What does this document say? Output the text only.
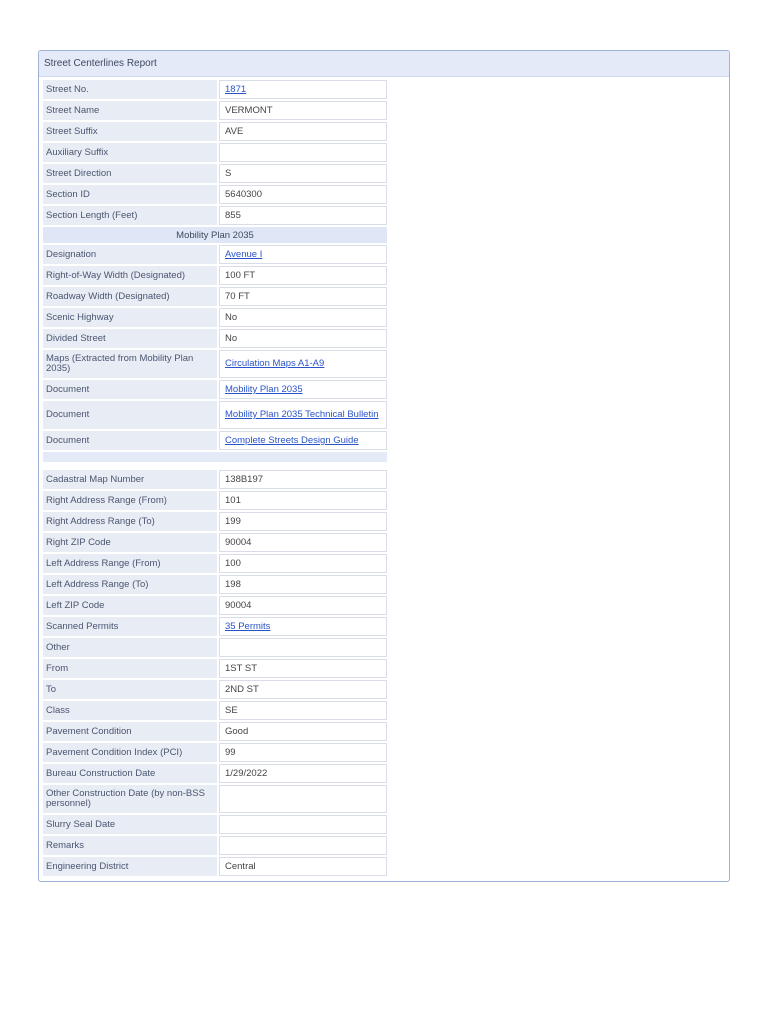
Street Centerlines Report
Street No.	1871
Street Name	VERMONT
Street Suffix	AVE
Auxiliary Suffix	
Street Direction	S
Section ID	5640300
Section Length (Feet)	855
Mobility Plan 2035	
Designation	Avenue I
Right-of-Way Width (Designated)	100 FT
Roadway Width (Designated)	70 FT
Scenic Highway	No
Divided Street	No
Maps (Extracted from Mobility Plan 2035)	Circulation Maps A1-A9

Document	Mobility Plan 2035
Document	Mobility Plan 2035 Technical Bulletin

Document	Complete Streets Design Guide

Cadastral Map Number	138B197
Right Address Range (From)	101
Right Address Range (To)	199
Right ZIP Code	90004
Left Address Range (From)	100
Left Address Range (To)	198
Left ZIP Code	90004
Scanned Permits	35 Permits
Other	
From	1ST ST
To	2ND ST
Class	SE
Pavement Condition	Good
Pavement Condition Index (PCI)	99
Bureau Construction Date	1/29/2022
Other Construction Date (by non-BSS personnel)	
Slurry Seal Date	
Remarks	
Engineering District	Central
